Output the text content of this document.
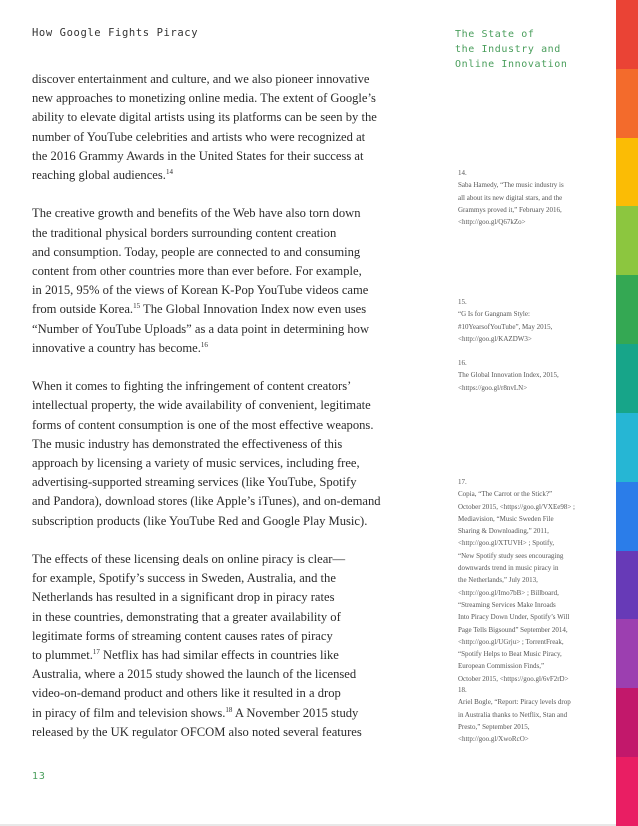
How Google Fights Piracy	The State of
the Industry and
Online Innovation

discover entertainment and culture, and we also pioneer innovative
new approaches to monetizing online media. The extent of Google’s
ability to elevate digital artists using its platforms can be seen by the
number of YouTube celebrities and artists who were recognized at
the 2016 Grammy Awards in the United States for their success at
reaching global audiences.$^{14}$

The creative growth and benefits of the Web have also torn down
the traditional physical borders surrounding content creation
and consumption. Today, people are connected to and consuming
content from other countries more than ever before. For example,
in 2015, 95% of the views of Korean K-Pop YouTube videos came
from outside Korea.$^{15}$ The Global Innovation Index now even uses
“Number of YouTube Uploads” as a data point in determining how
innovative a country has become.$^{16}$

When it comes to fighting the infringement of content creators’
intellectual property, the wide availability of convenient, legitimate
forms of content consumption is one of the most effective weapons.
The music industry has demonstrated the effectiveness of this
approach by licensing a variety of music services, including free,
advertising-supported streaming services (like YouTube, Spotify
and Pandora), download stores (like Apple’s iTunes), and on-demand
subscription products (like YouTube Red and Google Play Music).

The effects of these licensing deals on online piracy is clear—
for example, Spotify’s success in Sweden, Australia, and the
Netherlands has resulted in a significant drop in piracy rates
in these countries, demonstrating that a greater availability of
legitimate forms of streaming content causes rates of piracy
to plummet.$^{17}$ Netflix has had similar effects in countries like
Australia, where a 2015 study showed the launch of the licensed
video-on-demand product and others like it resulted in a drop
in piracy of film and television shows.$^{18}$ A November 2015 study
released by the UK regulator OFCOM also noted several features

14.
Saba Hamedy, “The music industry is
all about its new digital stars, and the
Grammys proved it,” February 2016,
<http://goo.gl/Q67kZo>
15.
“G Is for Gangnam Style:
#10YearsofYouTube”, May 2015,
<http://goo.gl/KAZDW3>
16.
The Global Innovation Index, 2015,
<https://goo.gl/r8nvLN>
17.
Copia, “The Carrot or the Stick?”
October 2015, <https://goo.gl/VXEe98> ;
Mediavision, “Music Sweden File
Sharing & Downloading,” 2011,
<http://goo.gl/XTUVH> ; Spotify,
“New Spotify study sees encouraging
downwards trend in music piracy in
the Netherlands,” July 2013,
<http://goo.gl/Imo7bB> ; Billboard,
“Streaming Services Make Inroads
Into Piracy Down Under, Spotify’s Will
Page Tells Bigsound” September 2014,
<http://goo.gl/UGrju> ; TorrentFreak,
“Spotify Helps to Beat Music Piracy,
European Commission Finds,”
October 2015, <https://goo.gl/6vF2rD>
18.
Ariel Bogle, “Report: Piracy levels drop
in Australia thanks to Netflix, Stan and
Presto,” September 2015,
<http://goo.gl/XwoRcO>
13
